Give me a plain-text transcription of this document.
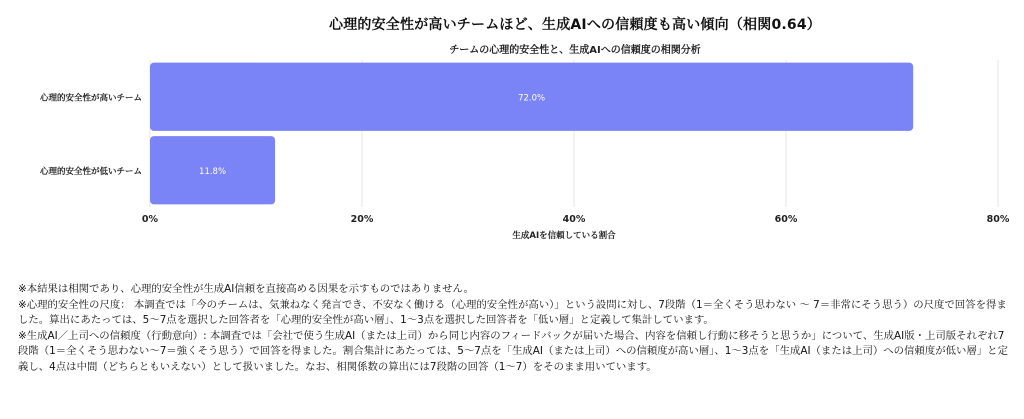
心理的安全性が高いチームほど、生成AIへの信頼度も高い傾向（相関0.64）
チームの心理的安全性と、生成AIへの信頼度の相関分析
0%	20%	40%	60%	80%
生成AIを信頼している割合
心理的安全性が高いチーム	72.0%
心理的安全性が低いチーム	11.8%

※本結果は相関であり、心理的安全性が生成AI信頼を直接高める因果を示すものではありません。

※心理的安全性の尺度： 本調査では「今のチームは、気兼ねなく発言でき、不安なく働ける（心理的安全性が高い）」という設問に対し、7段階（1＝全くそう思わない ～ 7＝非常にそう思う）の尺度で回答を得ました。算出にあたっては、5～7点を選択した回答者を「心理的安全性が高い層」、1～3点を選択した回答者を「低い層」と定義して集計しています。

※生成AI／上司への信頼度（行動意向）: 本調査では「会社で使う生成AI（または上司）から同じ内容のフィードバックが届いた場合、内容を信頼し行動に移そうと思うか」について、生成AI版・上司版それぞれ7段階（1＝全くそう思わない～7＝強くそう思う）で回答を得ました。割合集計にあたっては、5～7点を「生成AI（または上司）への信頼度が高い層」、1～3点を「生成AI（または上司）への信頼度が低い層」と定義し、4点は中間（どちらともいえない）として扱いました。なお、相関係数の算出には7段階の回答（1～7）をそのまま用いています。
